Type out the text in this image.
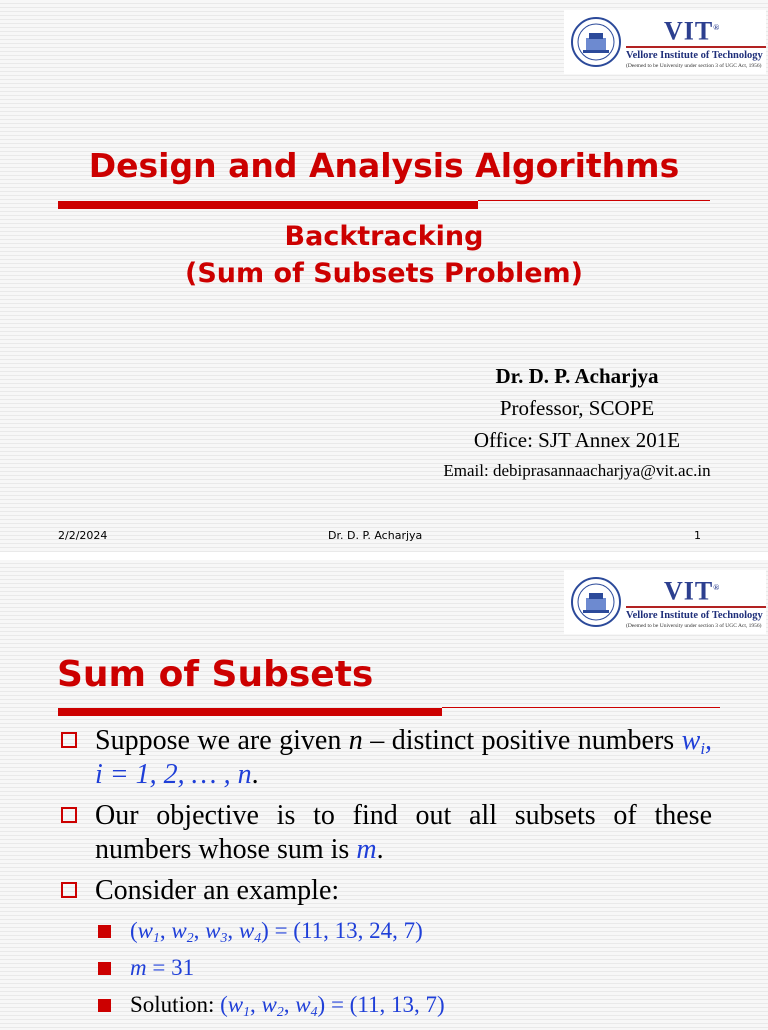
VIT®
Vellore Institute of Technology
(Deemed to be University under section 3 of UGC Act, 1956)
Design and Analysis Algorithms
Backtracking
(Sum of Subsets Problem)
Dr. D. P. Acharjya
Professor, SCOPE
Office: SJT Annex 201E
Email: debiprasannaacharjya@vit.ac.in
2/2/2024	Dr. D. P. Acharjya	1
VIT®
Vellore Institute of Technology
(Deemed to be University under section 3 of UGC Act, 1956)
Sum of Subsets
Suppose we are given n – distinct positive numbers $w_i$, i = 1, 2, … , n.
Our objective is to find out all subsets of these numbers whose sum is m.
Consider an example:
($w_1$, $w_2$, $w_3$, $w_4) = (11$, 13, 24, 7)
m = 31
Solution: ($w_1$, $w_2$, $w_4) = (11$, 13, 7)
